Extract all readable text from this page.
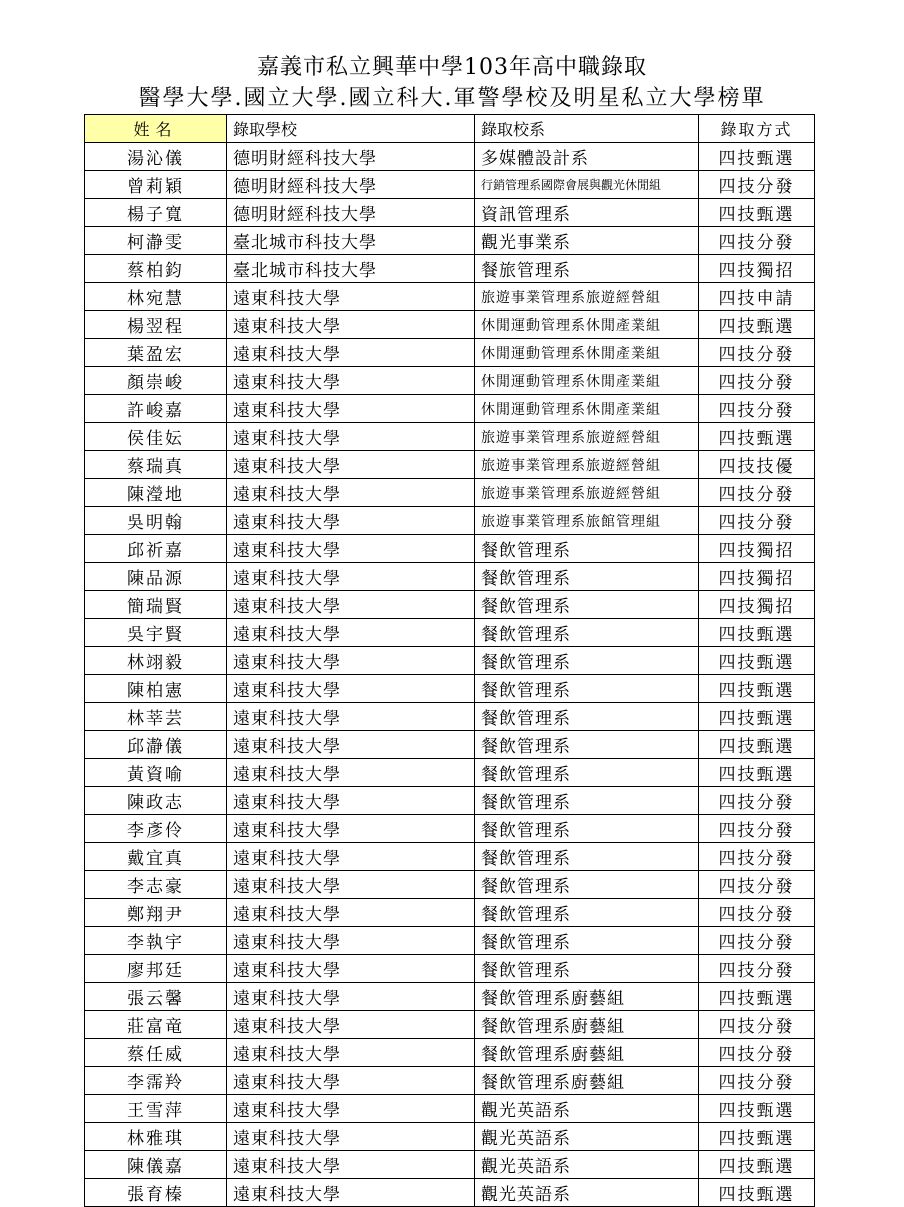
嘉義市私立興華中學103年高中職錄取
醫學大學.國立大學.國立科大.軍警學校及明星私立大學榜單
姓名	錄取學校	錄取校系	錄取方式
湯沁儀	德明財經科技大學	多媒體設計系	四技甄選
曾莉穎	德明財經科技大學	行銷管理系國際會展與觀光休閒組	四技分發
楊子寬	德明財經科技大學	資訊管理系	四技甄選
柯瀞雯	臺北城市科技大學	觀光事業系	四技分發
蔡柏鈞	臺北城市科技大學	餐旅管理系	四技獨招
林宛慧	遠東科技大學	旅遊事業管理系旅遊經營組	四技申請
楊翌程	遠東科技大學	休閒運動管理系休閒產業組	四技甄選
葉盈宏	遠東科技大學	休閒運動管理系休閒產業組	四技分發
顏崇峻	遠東科技大學	休閒運動管理系休閒產業組	四技分發
許峻嘉	遠東科技大學	休閒運動管理系休閒產業組	四技分發
侯佳妘	遠東科技大學	旅遊事業管理系旅遊經營組	四技甄選
蔡瑞真	遠東科技大學	旅遊事業管理系旅遊經營組	四技技優
陳瀅地	遠東科技大學	旅遊事業管理系旅遊經營組	四技分發
吳明翰	遠東科技大學	旅遊事業管理系旅館管理組	四技分發
邱祈嘉	遠東科技大學	餐飲管理系	四技獨招
陳品源	遠東科技大學	餐飲管理系	四技獨招
簡瑞賢	遠東科技大學	餐飲管理系	四技獨招
吳宇賢	遠東科技大學	餐飲管理系	四技甄選
林翊毅	遠東科技大學	餐飲管理系	四技甄選
陳柏憲	遠東科技大學	餐飲管理系	四技甄選
林莘芸	遠東科技大學	餐飲管理系	四技甄選
邱瀞儀	遠東科技大學	餐飲管理系	四技甄選
黃資喻	遠東科技大學	餐飲管理系	四技甄選
陳政志	遠東科技大學	餐飲管理系	四技分發
李彥伶	遠東科技大學	餐飲管理系	四技分發
戴宜真	遠東科技大學	餐飲管理系	四技分發
李志豪	遠東科技大學	餐飲管理系	四技分發
鄭翔尹	遠東科技大學	餐飲管理系	四技分發
李執宇	遠東科技大學	餐飲管理系	四技分發
廖邦廷	遠東科技大學	餐飲管理系	四技分發
張云馨	遠東科技大學	餐飲管理系廚藝組	四技甄選
莊富竜	遠東科技大學	餐飲管理系廚藝組	四技分發
蔡任威	遠東科技大學	餐飲管理系廚藝組	四技分發
李霈羚	遠東科技大學	餐飲管理系廚藝組	四技分發
王雪萍	遠東科技大學	觀光英語系	四技甄選
林雅琪	遠東科技大學	觀光英語系	四技甄選
陳儀嘉	遠東科技大學	觀光英語系	四技甄選
張育榛	遠東科技大學	觀光英語系	四技甄選
